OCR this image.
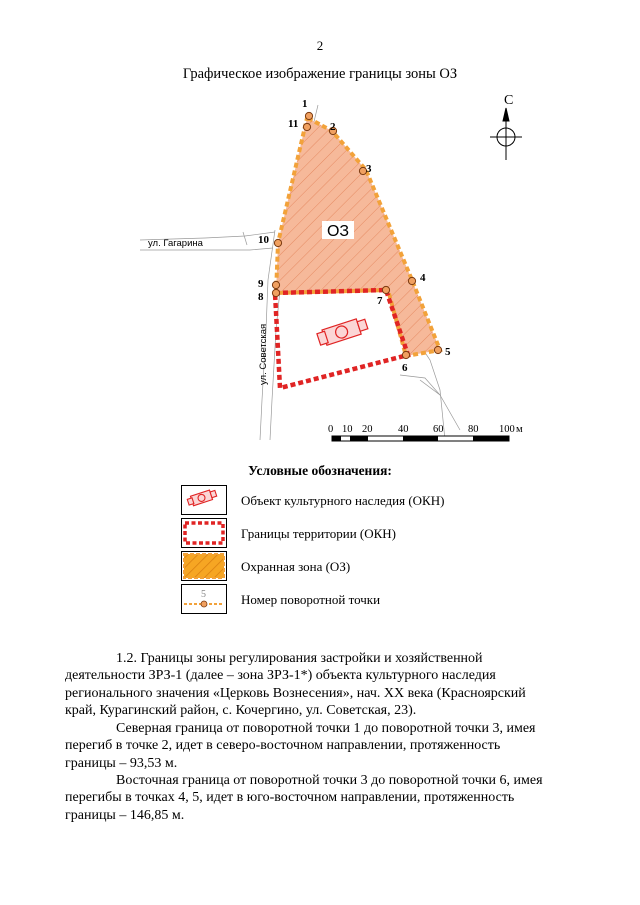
2
Графическое изображение границы зоны ОЗ
ОЗ
ул. Гагарина
ул. Советская
1
2
3
4
5
6
7
8
9
10
11
С
0 10 20 40 60 80 100 м
Условные обозначения:
Объект культурного наследия (ОКН)
Границы территории (ОКН)
Охранная зона (ОЗ)
5	Номер поворотной точки
1.2. Границы зоны регулирования застройки и хозяйственной
деятельности ЗРЗ-1 (далее – зона ЗРЗ-1*) объекта культурного наследия
регионального значения «Церковь Вознесения», нач. XX века (Красноярский
край, Курагинский район, с. Кочергино, ул. Советская, 23).
Северная граница от поворотной точки 1 до поворотной точки 3, имея
перегиб в точке 2, идет в северо-восточном направлении, протяженность
границы – 93,53 м.
Восточная граница от поворотной точки 3 до поворотной точки 6, имея
перегибы в точках 4, 5, идет в юго-восточном направлении, протяженность
границы – 146,85 м.
